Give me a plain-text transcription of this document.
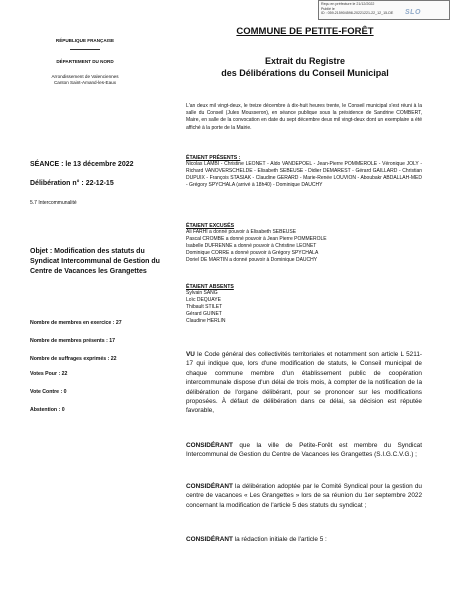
Reçu en préfecture le 21/12/2022
Publié le
ID : 059-215904598-20221221-22_12_15-DE	SLO
RÉPUBLIQUE FRANÇAISE
DÉPARTEMENT DU NORD
Arrondissement de Valenciennes
Canton Saint-Amand-les-Eaux
COMMUNE DE PETITE-FORÊT
Extrait du Registre
des Délibérations du Conseil Municipal
L'an deux mil vingt-deux, le treize décembre à dix-huit heures trente, le Conseil municipal s'est réuni à la salle du Conseil (Jules Mousseron), en séance publique sous la présidence de Sandrine COMBERT, Maire, en salle de la convocation en date du sept décembre deux mil vingt-deux dont un exemplaire a été affiché à la porte de la Mairie.
SÉANCE : le 13 décembre 2022
Délibération n° : 22-12-15
5.7 Intercommunalité
ÉTAIENT PRÉSENTS :
Nicolas LAMBI - Christine LEONET - Aldo VANDEPOEL - Jean-Pierre POMMEROLE - Véronique JOLY - Richard VANOVERSCHELDE - Elisabeth SEBEUSE - Didier DEMAREST - Gérard GAILLARD - Christian DUPUIX - François STASIAK - Claudine GERARD - Marie-Renée LOUVION - Aboubakr ABDALLAH-MED - Grégory SPYCHALA (arrivé à 18h40) - Dominique DAUCHY
ÉTAIENT EXCUSÉS
Ali FARHI a donné pouvoir à Elisabeth SEBEUSE
Pascal CROMBE a donné pouvoir à Jean Pierre POMMEROLE
Isabelle DUFRENNE a donné pouvoir à Christine LEONET
Dominique CORRE a donné pouvoir à Grégory SPYCHALA
Doriel DE MARTIN a donné pouvoir à Dominique DAUCHY
ÉTAIENT ABSENTS
Sylvain SANG
Loïc DEQUAYE
Thibault STILET
Gérard GUINET
Claudine HERLIN
Objet : Modification des statuts du Syndicat Intercommunal de Gestion du Centre de Vacances les Grangettes
Nombre de membres en exercice : 27
Nombre de membres présents : 17
Nombre de suffrages exprimés : 22
Votes Pour : 22
Vote Contre : 0
Abstention : 0
VU le Code général des collectivités territoriales et notamment son article L 5211-17 qui indique que, lors d'une modification de statuts, le Conseil municipal de chaque commune membre d'un établissement public de coopération intercommunale dispose d'un délai de trois mois, à compter de la notification de la délibération de l'organe délibérant, pour se prononcer sur les modifications proposées. À défaut de délibération dans ce délai, sa décision est réputée favorable,
CONSIDÉRANT que la ville de Petite-Forêt est membre du Syndicat Intercommunal de Gestion du Centre de Vacances les Grangettes (S.I.G.C.V.G.) ;
CONSIDÉRANT la délibération adoptée par le Comité Syndical pour la gestion du centre de vacances « Les Grangettes » lors de sa réunion du 1er septembre 2022 concernant la modification de l'article 5 des statuts du syndicat ;
CONSIDÉRANT la rédaction initiale de l'article 5 :
